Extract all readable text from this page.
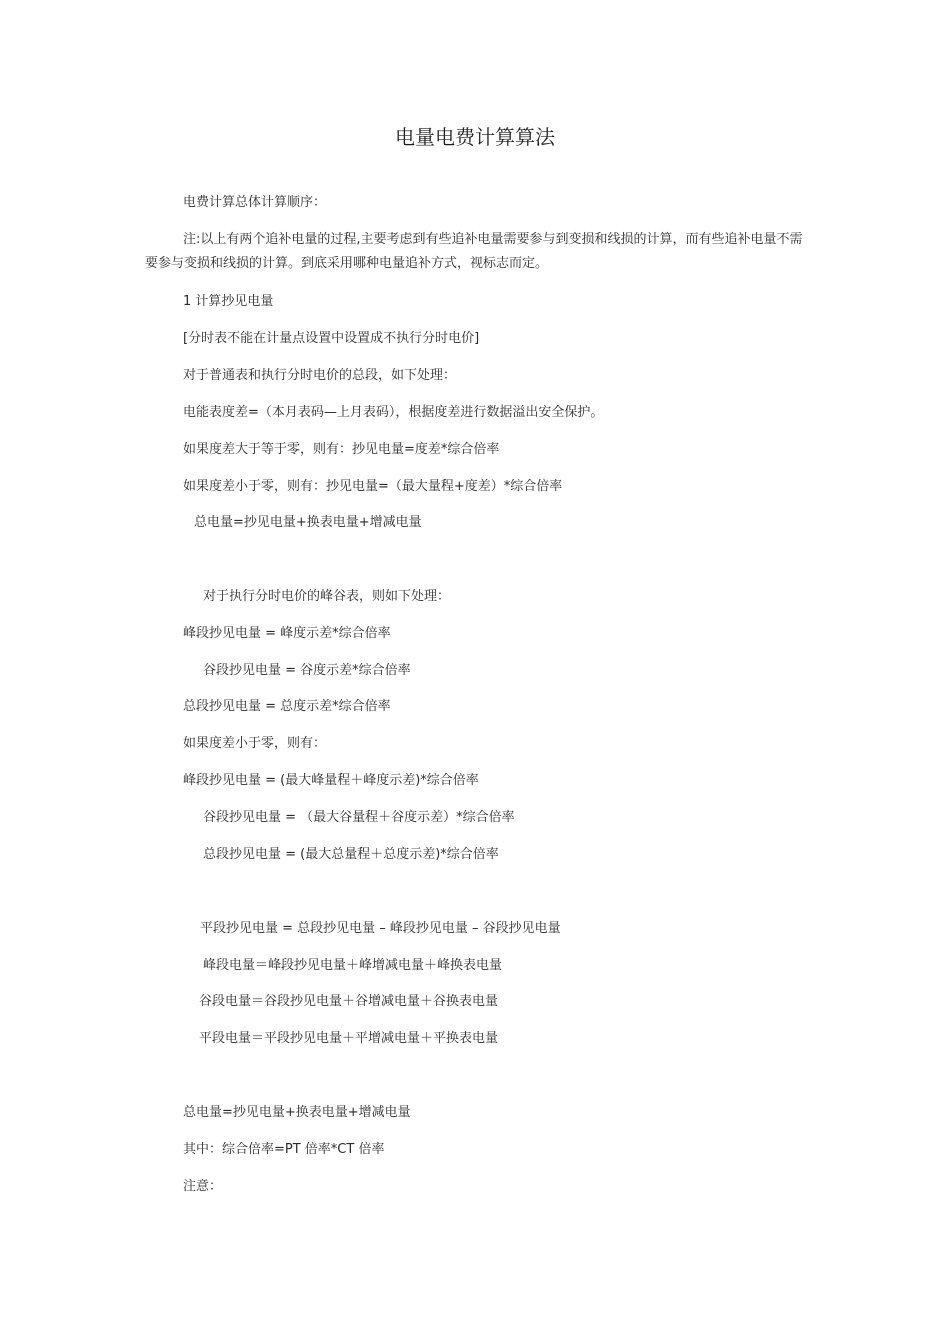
电量电费计算算法
电费计算总体计算顺序：
注:以上有两个追补电量的过程,主要考虑到有些追补电量需要参与到变损和线损的计算，而有些追补电量不需要参与变损和线损的计算。到底采用哪种电量追补方式，视标志而定。
1 计算抄见电量
[分时表不能在计量点设置中设置成不执行分时电价]
对于普通表和执行分时电价的总段，如下处理：
电能表度差=（本月表码—上月表码），根据度差进行数据溢出安全保护。
如果度差大于等于零，则有：抄见电量=度差*综合倍率
如果度差小于零，则有：抄见电量=（最大量程+度差）*综合倍率
总电量=抄见电量+换表电量+增减电量
对于执行分时电价的峰谷表，则如下处理：
峰段抄见电量 = 峰度示差*综合倍率
谷段抄见电量 = 谷度示差*综合倍率
总段抄见电量 = 总度示差*综合倍率
如果度差小于零，则有：
峰段抄见电量 = (最大峰量程＋峰度示差)*综合倍率
谷段抄见电量 = （最大谷量程＋谷度示差）*综合倍率
总段抄见电量 = (最大总量程＋总度示差)*综合倍率
平段抄见电量 = 总段抄见电量 – 峰段抄见电量 – 谷段抄见电量
峰段电量＝峰段抄见电量＋峰增减电量＋峰换表电量
谷段电量＝谷段抄见电量＋谷增减电量＋谷换表电量
平段电量＝平段抄见电量＋平增减电量＋平换表电量
总电量=抄见电量+换表电量+增减电量
其中：综合倍率=PT 倍率*CT 倍率
注意：
